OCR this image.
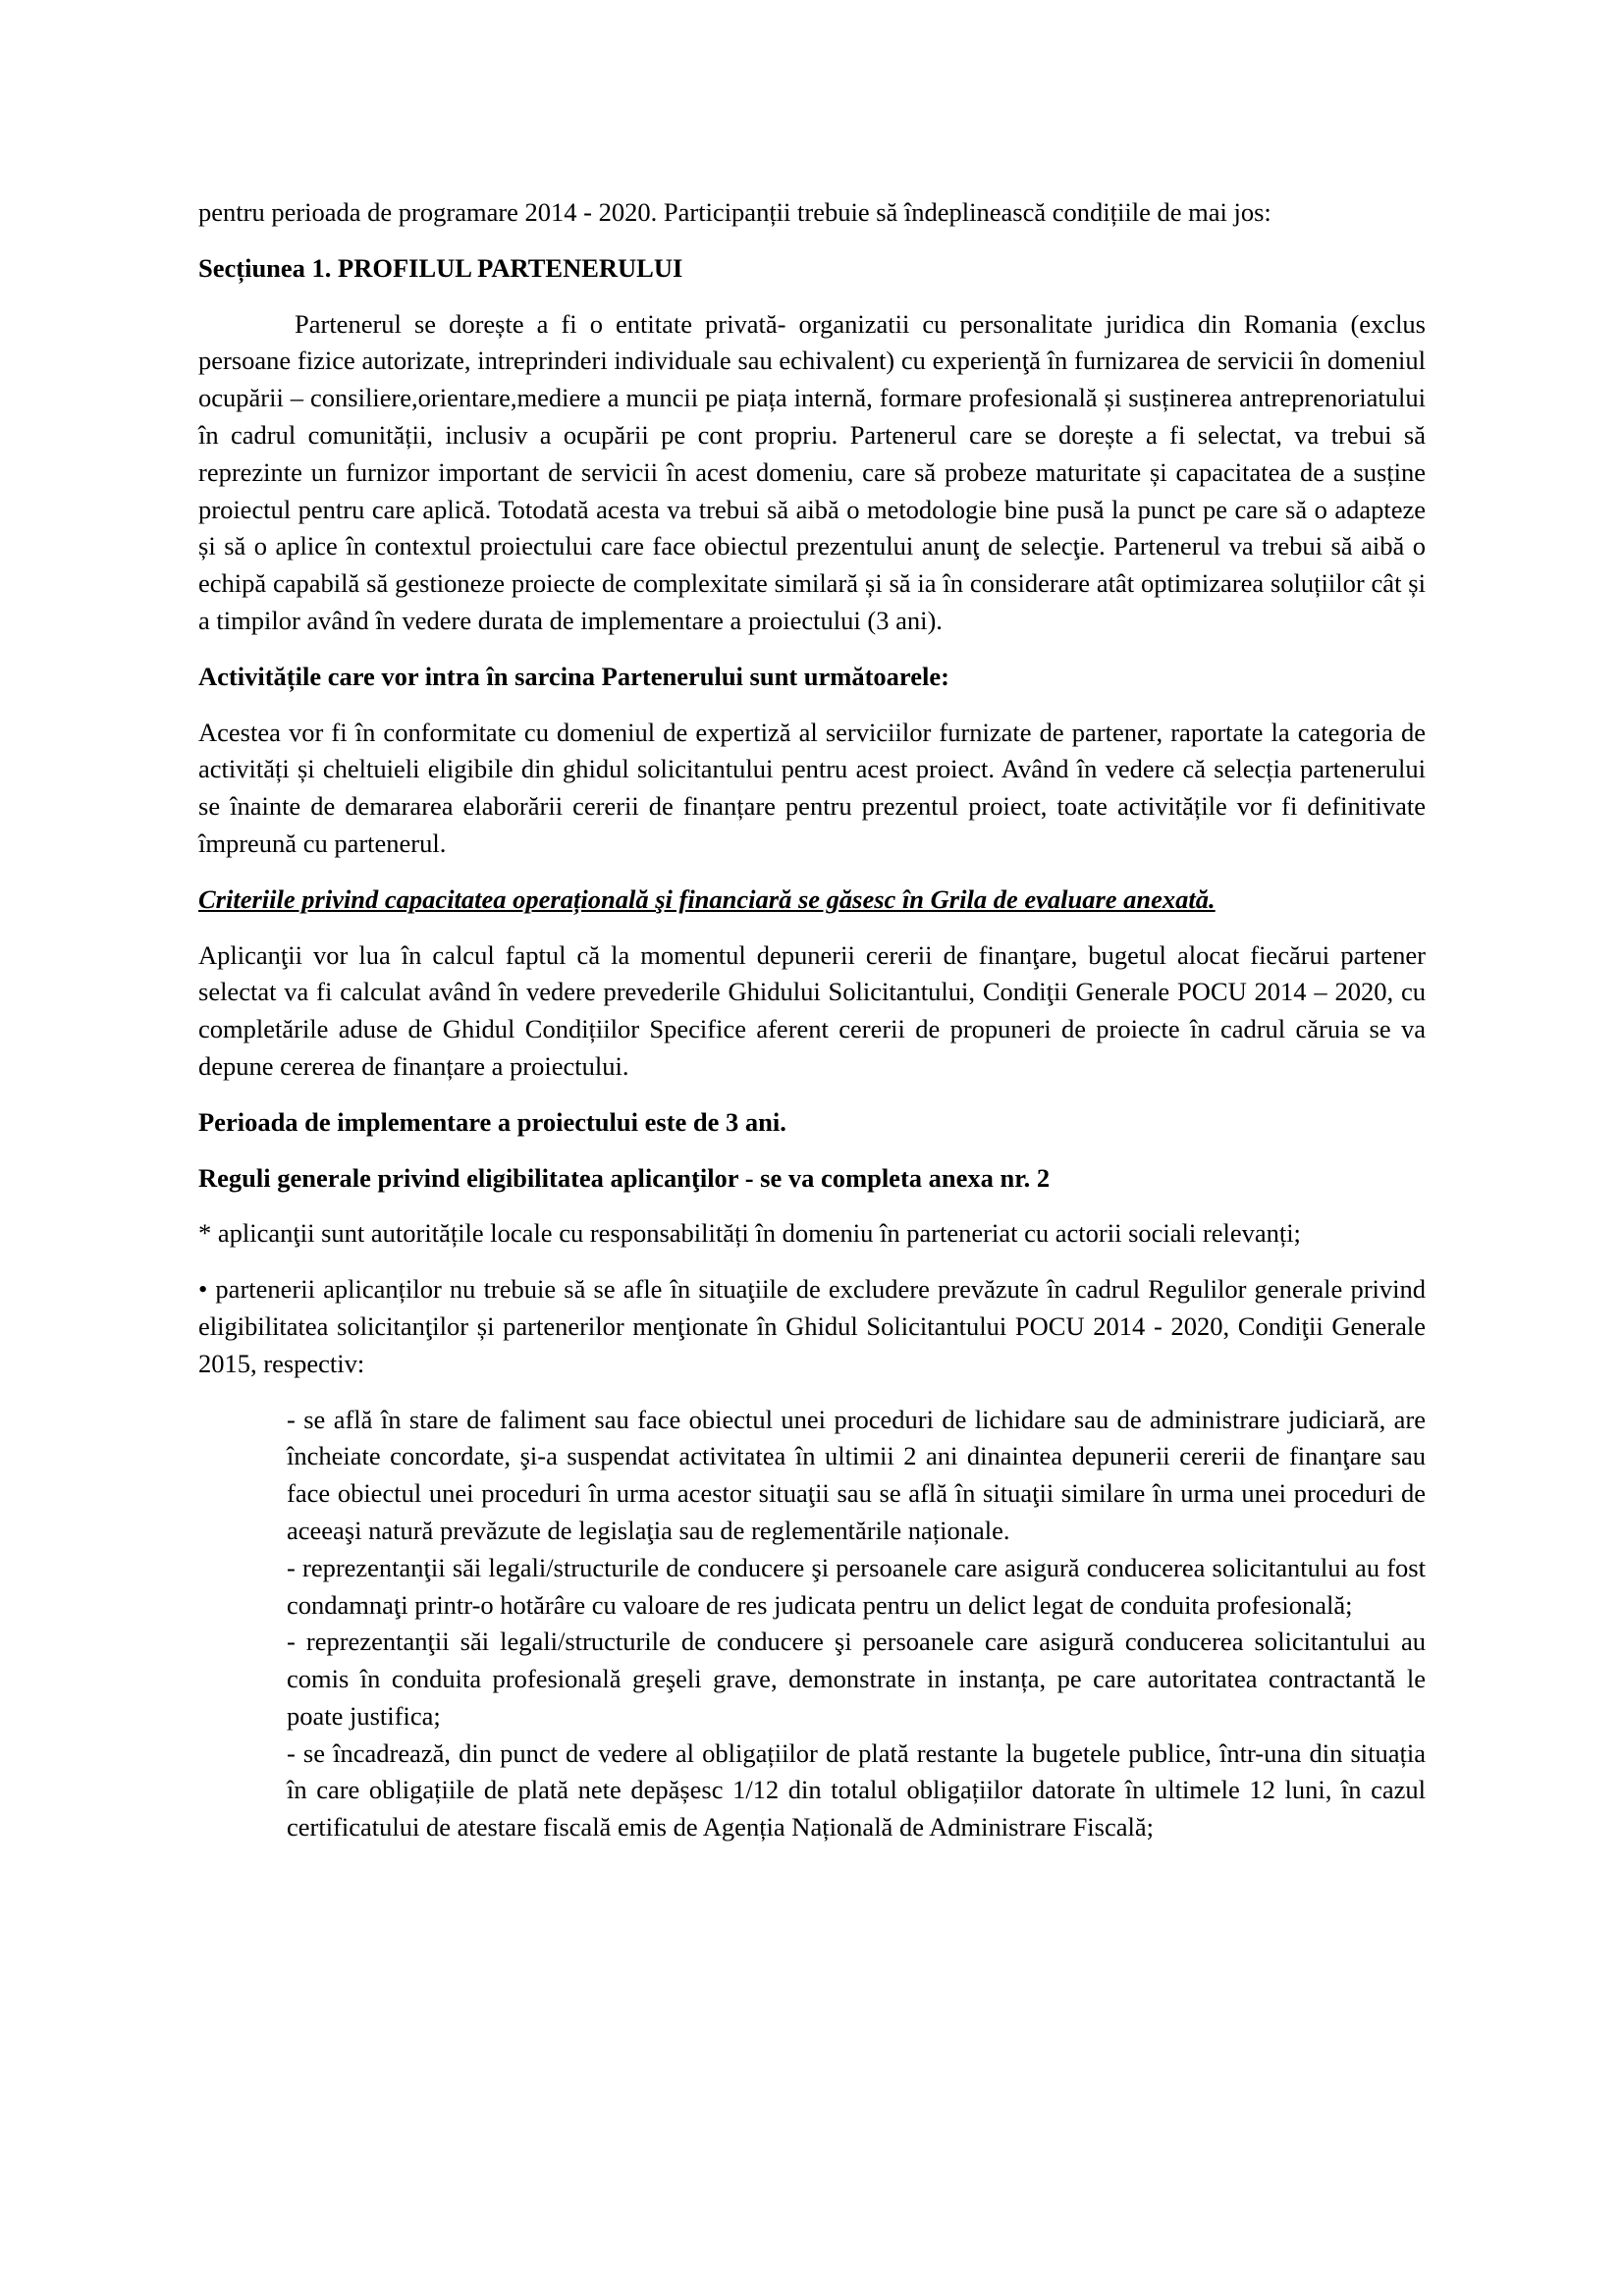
pentru perioada de programare 2014 - 2020. Participanții trebuie să îndeplinească condițiile de mai jos:

Secțiunea 1. PROFILUL PARTENERULUI

Partenerul se dorește a fi o entitate privată- organizatii cu personalitate juridica din Romania (exclus persoane fizice autorizate, intreprinderi individuale sau echivalent) cu experienţă în furnizarea de servicii în domeniul ocupării – consiliere,orientare,mediere a muncii pe piața internă, formare profesională și susținerea antreprenoriatului în cadrul comunității, inclusiv a ocupării pe cont propriu. Partenerul care se dorește a fi selectat, va trebui să reprezinte un furnizor important de servicii în acest domeniu, care să probeze maturitate și capacitatea de a susține proiectul pentru care aplică. Totodată acesta va trebui să aibă o metodologie bine pusă la punct pe care să o adapteze și să o aplice în contextul proiectului care face obiectul prezentului anunţ de selecţie. Partenerul va trebui să aibă o echipă capabilă să gestioneze proiecte de complexitate similară și să ia în considerare atât optimizarea soluțiilor cât și a timpilor având în vedere durata de implementare a proiectului (3 ani).

Activitățile care vor intra în sarcina Partenerului sunt următoarele:

Acestea vor fi în conformitate cu domeniul de expertiză al serviciilor furnizate de partener, raportate la categoria de activități și cheltuieli eligibile din ghidul solicitantului pentru acest proiect. Având în vedere că selecția partenerului se înainte de demararea elaborării cererii de finanțare pentru prezentul proiect, toate activitățile vor fi definitivate împreună cu partenerul.

Criteriile privind capacitatea operațională şi financiară se găsesc în Grila de evaluare anexată.

Aplicanţii vor lua în calcul faptul că la momentul depunerii cererii de finanţare, bugetul alocat fiecărui partener selectat va fi calculat având în vedere prevederile Ghidului Solicitantului, Condiţii Generale POCU 2014 – 2020, cu completările aduse de Ghidul Condițiilor Specifice aferent cererii de propuneri de proiecte în cadrul căruia se va depune cererea de finanțare a proiectului.

Perioada de implementare a proiectului este de 3 ani.

Reguli generale privind eligibilitatea aplicanţilor - se va completa anexa nr. 2

* aplicanţii sunt autoritățile locale cu responsabilități în domeniu în parteneriat cu actorii sociali relevanți;

• partenerii aplicanților nu trebuie să se afle în situaţiile de excludere prevăzute în cadrul Regulilor generale privind eligibilitatea solicitanţilor și partenerilor menţionate în Ghidul Solicitantului POCU 2014 - 2020, Condiţii Generale 2015, respectiv:

- se află în stare de faliment sau face obiectul unei proceduri de lichidare sau de administrare judiciară, are încheiate concordate, şi-a suspendat activitatea în ultimii 2 ani dinaintea depunerii cererii de finanţare sau face obiectul unei proceduri în urma acestor situaţii sau se află în situaţii similare în urma unei proceduri de aceeaşi natură prevăzute de legislaţia sau de reglementările naționale.

- reprezentanţii săi legali/structurile de conducere şi persoanele care asigură conducerea solicitantului au fost condamnaţi printr-o hotărâre cu valoare de res judicata pentru un delict legat de conduita profesională;

- reprezentanţii săi legali/structurile de conducere şi persoanele care asigură conducerea solicitantului au comis în conduita profesională greşeli grave, demonstrate in instanța, pe care autoritatea contractantă le poate justifica;

- se încadrează, din punct de vedere al obligațiilor de plată restante la bugetele publice, într-una din situația în care obligațiile de plată nete depășesc 1/12 din totalul obligațiilor datorate în ultimele 12 luni, în cazul certificatului de atestare fiscală emis de Agenția Națională de Administrare Fiscală;
